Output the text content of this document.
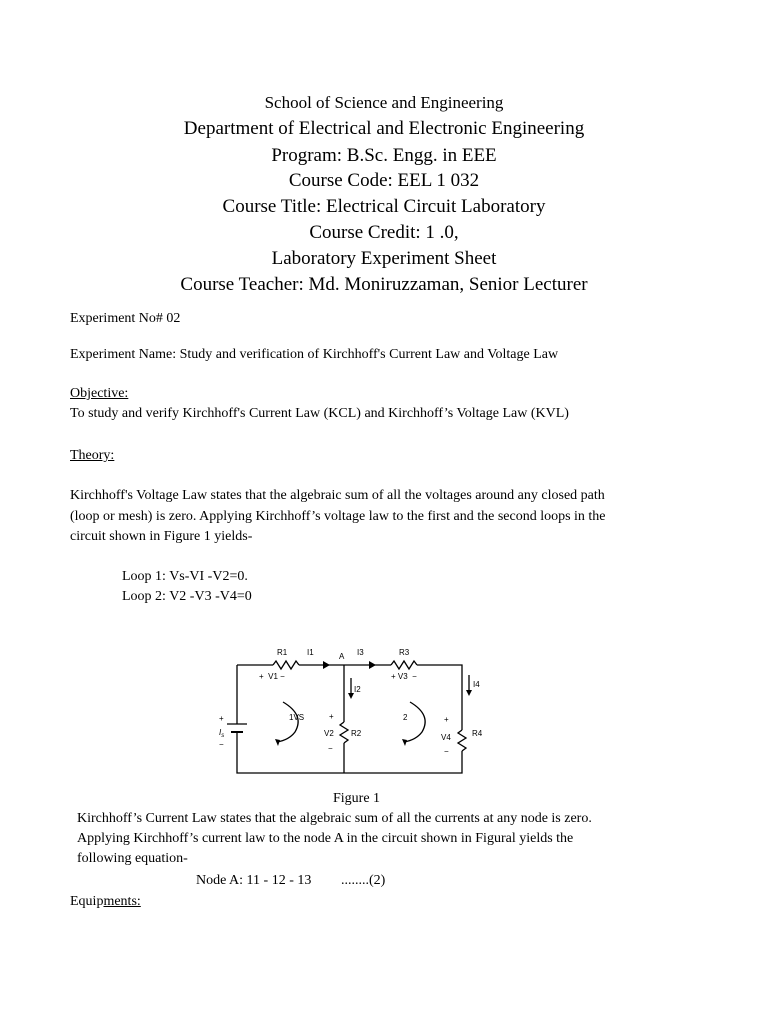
School of Science and Engineering
Department of Electrical and Electronic Engineering
Program: B.Sc. Engg. in EEE
Course Code: EEL 1 032
Course Title: Electrical Circuit Laboratory
Course Credit: 1 .0,
Laboratory Experiment Sheet
Course Teacher: Md. Moniruzzaman, Senior Lecturer
Experiment No# 02
Experiment Name: Study and verification of Kirchhoff's Current Law and Voltage Law
Objective:
To study and verify Kirchhoff's Current Law (KCL) and Kirchhoff’s Voltage Law (KVL)
Theory:
Kirchhoff's Voltage Law states that the algebraic sum of all the voltages around any closed path
(loop or mesh) is zero. Applying Kirchhoff’s voltage law to the first and the second loops in the
circuit shown in Figure 1 yields-
Loop 1: Vs-VI -V2=0.
Loop 2: V2 -V3 -V4=0
R1 I1	A I3	R3
+  V1 −	+ V3  −
I2
I4
+
$I_s$
−
1VS	2
+
V2
−
R2
+
V4
−
R4
Figure 1
Kirchhoff’s Current Law states that the algebraic sum of all the currents at any node is zero.
Applying Kirchhoff’s current law to the node A in the circuit shown in Figural yields the
following equation-
Node A: 11 - 12 - 13 ........(2)
Equipments:
